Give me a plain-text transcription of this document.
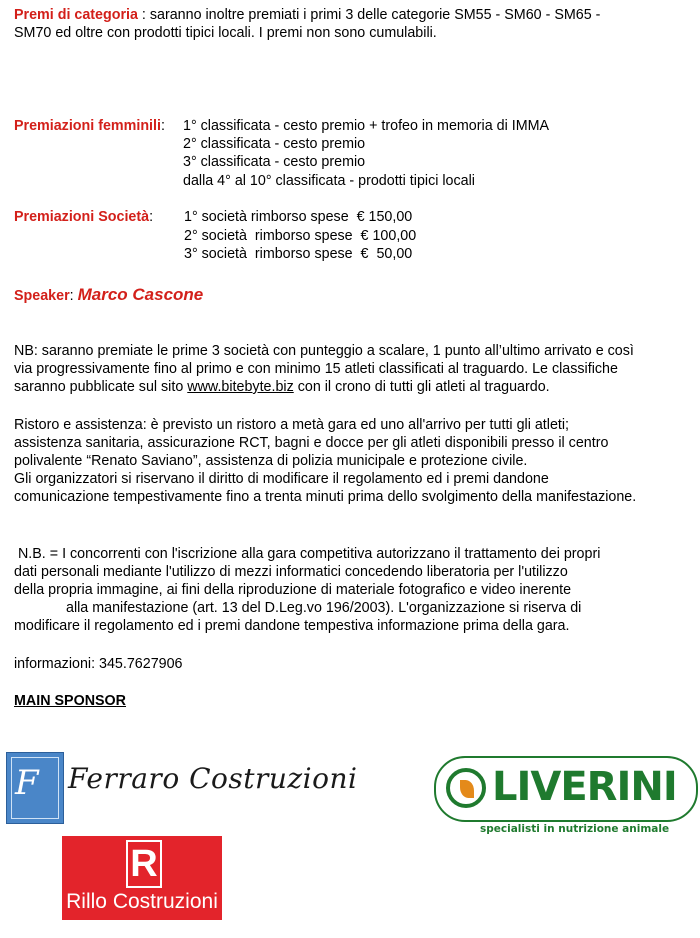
Premi di categoria : saranno inoltre premiati i primi 3 delle categorie SM55 - SM60 - SM65 -
SM70 ed oltre con prodotti tipici locali. I premi non sono cumulabili.
Premiazioni femminili: 1° classificata - cesto premio + trofeo in memoria di IMMA
2° classificata - cesto premio
3° classificata - cesto premio
dalla 4° al 10° classificata - prodotti tipici locali
Premiazioni Società: 1° società rimborso spese  € 150,00
2° società  rimborso spese  € 100,00
3° società  rimborso spese  €  50,00
Speaker: Marco Cascone
NB: saranno premiate le prime 3 società con punteggio a scalare, 1 punto all’ultimo arrivato e così
via progressivamente fino al primo e con minimo 15 atleti classificati al traguardo. Le classifiche
saranno pubblicate sul sito www.bitebyte.biz con il crono di tutti gli atleti al traguardo.
Ristoro e assistenza: è previsto un ristoro a metà gara ed uno all'arrivo per tutti gli atleti;
assistenza sanitaria, assicurazione RCT, bagni e docce per gli atleti disponibili presso il centro
polivalente “Renato Saviano”, assistenza di polizia municipale e protezione civile.
Gli organizzatori si riservano il diritto di modificare il regolamento ed i premi dandone
comunicazione tempestivamente fino a trenta minuti prima dello svolgimento della manifestazione.
N.B. = I concorrenti con l'iscrizione alla gara competitiva autorizzano il trattamento dei propri
dati personali mediante l'utilizzo di mezzi informatici concedendo liberatoria per l'utilizzo
della propria immagine, ai fini della riproduzione di materiale fotografico e video inerente
alla manifestazione (art. 13 del D.Leg.vo 196/2003). L'organizzazione si riserva di
modificare il regolamento ed i premi dandone tempestiva informazione prima della gara.
informazioni: 345.7627906
MAIN SPONSOR
F Ferraro Costruzioni	LIVERINI
specialisti in nutrizione animale
R
Rillo Costruzioni
